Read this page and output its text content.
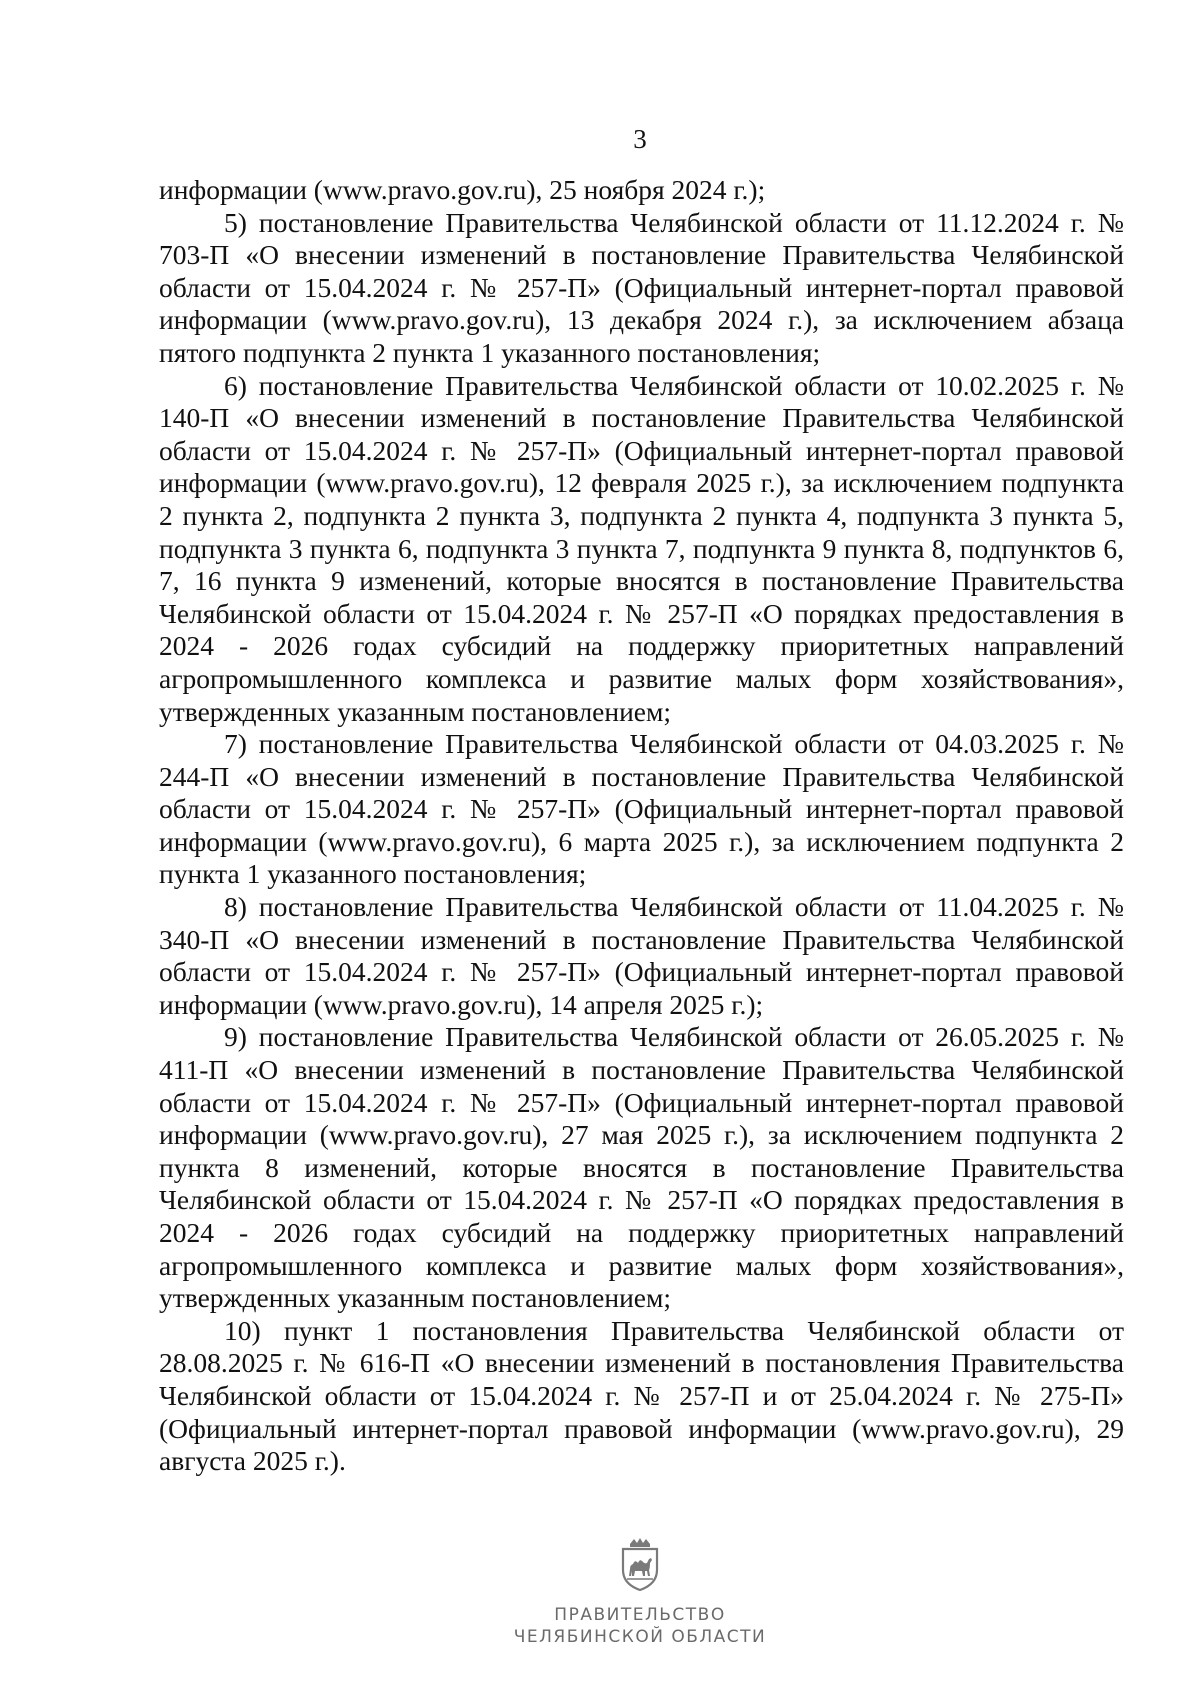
3

информации (www.pravo.gov.ru), 25 ноября 2024 г.);

5) постановление Правительства Челябинской области от 11.12.2024 г. № 703-П «О внесении изменений в постановление Правительства Челябинской области от 15.04.2024 г. № 257-П» (Официальный интернет-портал правовой информации (www.pravo.gov.ru), 13 декабря 2024 г.), за исключением абзаца пятого подпункта 2 пункта 1 указанного постановления;

6) постановление Правительства Челябинской области от 10.02.2025 г. № 140-П «О внесении изменений в постановление Правительства Челябинской области от 15.04.2024 г. № 257-П» (Официальный интернет-портал правовой информации (www.pravo.gov.ru), 12 февраля 2025 г.), за исключением подпункта 2 пункта 2, подпункта 2 пункта 3, подпункта 2 пункта 4, подпункта 3 пункта 5, подпункта 3 пункта 6, подпункта 3 пункта 7, подпункта 9 пункта 8, подпунктов 6, 7, 16 пункта 9 изменений, которые вносятся в постановление Правительства Челябинской области от 15.04.2024 г. № 257-П «О порядках предоставления в 2024 - 2026 годах субсидий на поддержку приоритетных направлений агропромышленного комплекса и развитие малых форм хозяйствования», утвержденных указанным постановлением;

7) постановление Правительства Челябинской области от 04.03.2025 г. № 244-П «О внесении изменений в постановление Правительства Челябинской области от 15.04.2024 г. № 257-П» (Официальный интернет-портал правовой информации (www.pravo.gov.ru), 6 марта 2025 г.), за исключением подпункта 2 пункта 1 указанного постановления;

8) постановление Правительства Челябинской области от 11.04.2025 г. № 340-П «О внесении изменений в постановление Правительства Челябинской области от 15.04.2024 г. № 257-П» (Официальный интернет-портал правовой информации (www.pravo.gov.ru), 14 апреля 2025 г.);

9) постановление Правительства Челябинской области от 26.05.2025 г. № 411-П «О внесении изменений в постановление Правительства Челябинской области от 15.04.2024 г. № 257-П» (Официальный интернет-портал правовой информации (www.pravo.gov.ru), 27 мая 2025 г.), за исключением подпункта 2 пункта 8 изменений, которые вносятся в постановление Правительства Челябинской области от 15.04.2024 г. № 257-П «О порядках предоставления в 2024 - 2026 годах субсидий на поддержку приоритетных направлений агропромышленного комплекса и развитие малых форм хозяйствования», утвержденных указанным постановлением;

10) пункт 1 постановления Правительства Челябинской области от 28.08.2025 г. № 616-П «О внесении изменений в постановления Правительства Челябинской области от 15.04.2024 г. № 257-П и от 25.04.2024 г. № 275-П» (Официальный интернет-портал правовой информации (www.pravo.gov.ru), 29 августа 2025 г.).

ПРАВИТЕЛЬСТВО
ЧЕЛЯБИНСКОЙ ОБЛАСТИ
